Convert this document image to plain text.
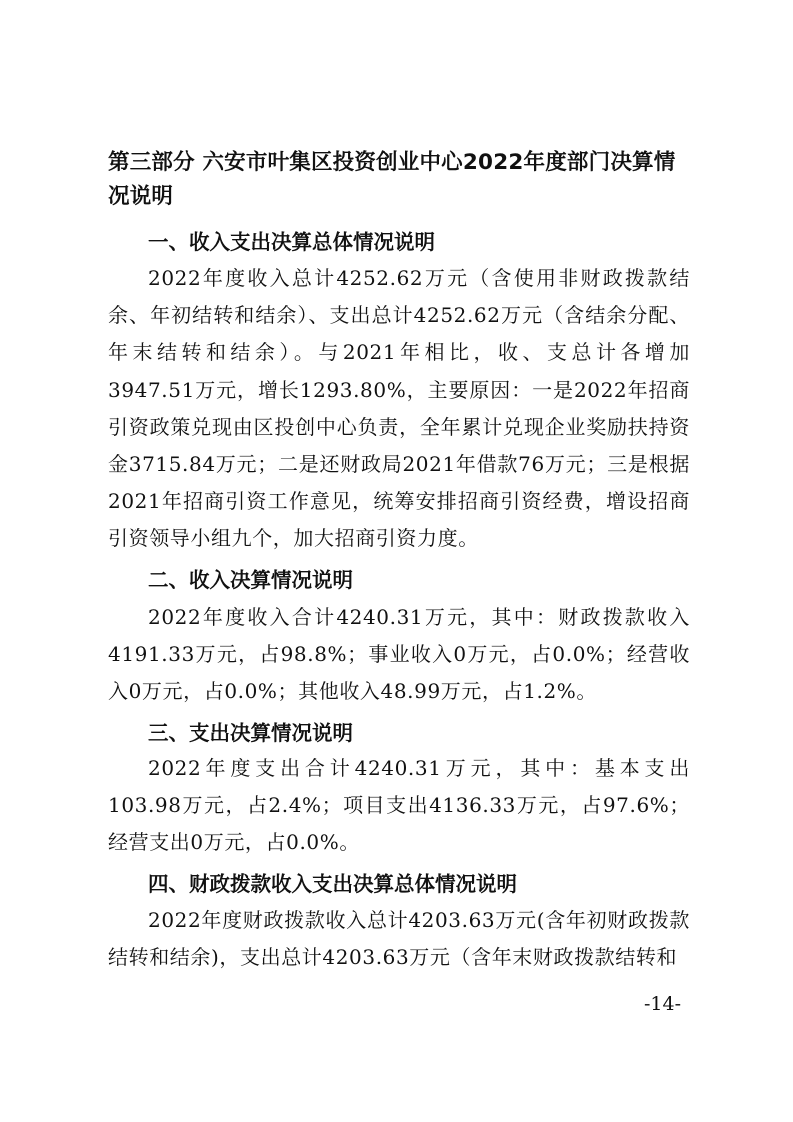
第三部分 六安市叶集区投资创业中心2022年度部门决算情况说明
一、收入支出决算总体情况说明

2022年度收入总计4252.62万元（含使用非财政拨款结余、年初结转和结余）、支出总计4252.62万元（含结余分配、年末结转和结余）。与2021年相比，收、支总计各增加3947.51万元，增长1293.80%，主要原因：一是2022年招商引资政策兑现由区投创中心负责，全年累计兑现企业奖励扶持资金3715.84万元；二是还财政局2021年借款76万元；三是根据2021年招商引资工作意见，统筹安排招商引资经费，增设招商引资领导小组九个，加大招商引资力度。

二、收入决算情况说明

2022年度收入合计4240.31万元，其中：财政拨款收入4191.33万元，占98.8%；事业收入0万元，占0.0%；经营收入0万元，占0.0%；其他收入48.99万元，占1.2%。

三、支出决算情况说明

2022年度支出合计4240.31万元，其中：基本支出103.98万元，占2.4%；项目支出4136.33万元，占97.6%；经营支出0万元，占0.0%。

四、财政拨款收入支出决算总体情况说明

2022年度财政拨款收入总计4203.63万元(含年初财政拨款结转和结余)，支出总计4203.63万元（含年末财政拨款结转和

-14-
